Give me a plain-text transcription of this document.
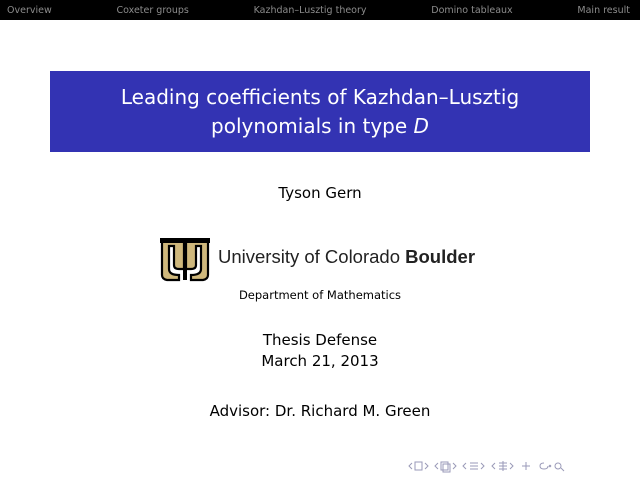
Overview	Coxeter groups	Kazhdan–Lusztig theory	Domino tableaux	Main result
Leading coefficients of Kazhdan–Lusztig
polynomials in type D
Tyson Gern
University of Colorado Boulder
Department of Mathematics
Thesis Defense
March 21, 2013
Advisor: Dr. Richard M. Green
